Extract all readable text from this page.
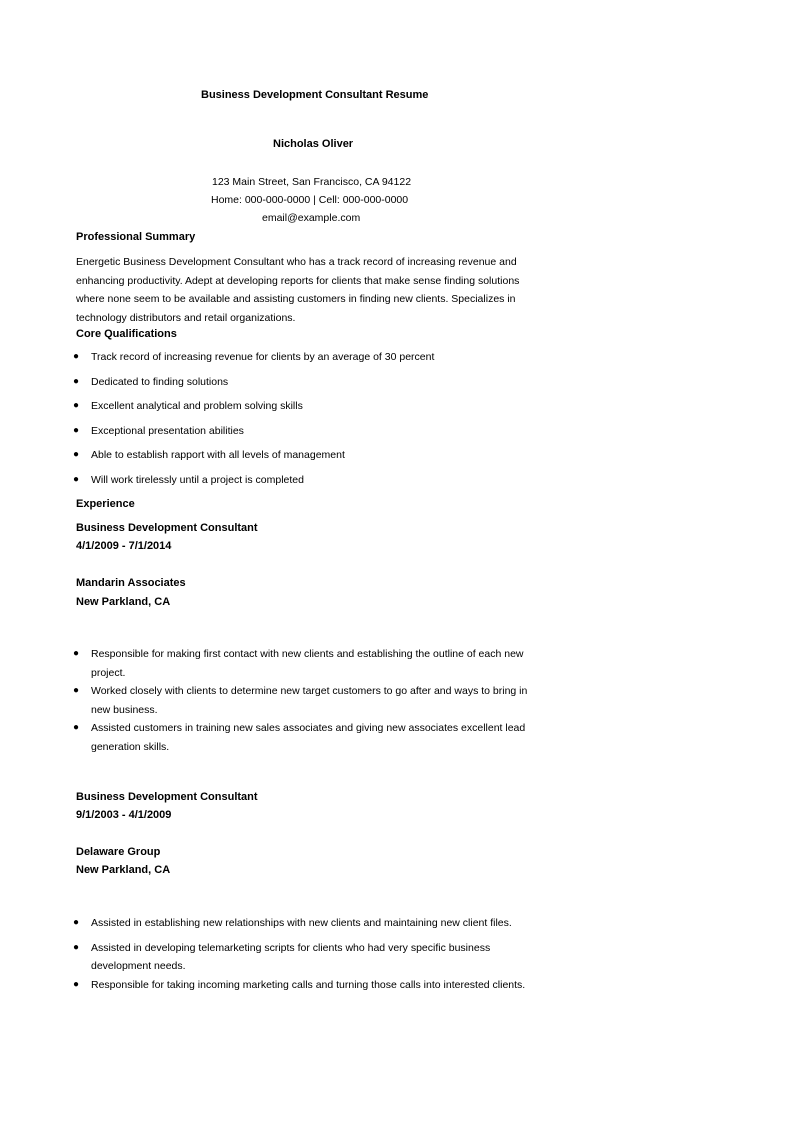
Business Development Consultant Resume
Nicholas Oliver
123 Main Street, San Francisco, CA 94122
Home: 000-000-0000 | Cell: 000-000-0000
email@example.com
Professional Summary
Energetic Business Development Consultant who has a track record of increasing revenue and enhancing productivity. Adept at developing reports for clients that make sense finding solutions where none seem to be available and assisting customers in finding new clients. Specializes in technology distributors and retail organizations.
Core Qualifications
● Track record of increasing revenue for clients by an average of 30 percent
● Dedicated to finding solutions
● Excellent analytical and problem solving skills
● Exceptional presentation abilities
● Able to establish rapport with all levels of management
● Will work tirelessly until a project is completed
Experience
Business Development Consultant
4/1/2009 - 7/1/2014
Mandarin Associates
New Parkland, CA
● Responsible for making first contact with new clients and establishing the outline of each new project.
● Worked closely with clients to determine new target customers to go after and ways to bring in new business.
● Assisted customers in training new sales associates and giving new associates excellent lead generation skills.
Business Development Consultant
9/1/2003 - 4/1/2009
Delaware Group
New Parkland, CA
● Assisted in establishing new relationships with new clients and maintaining new client files.
● Assisted in developing telemarketing scripts for clients who had very specific business development needs.
● Responsible for taking incoming marketing calls and turning those calls into interested clients.
